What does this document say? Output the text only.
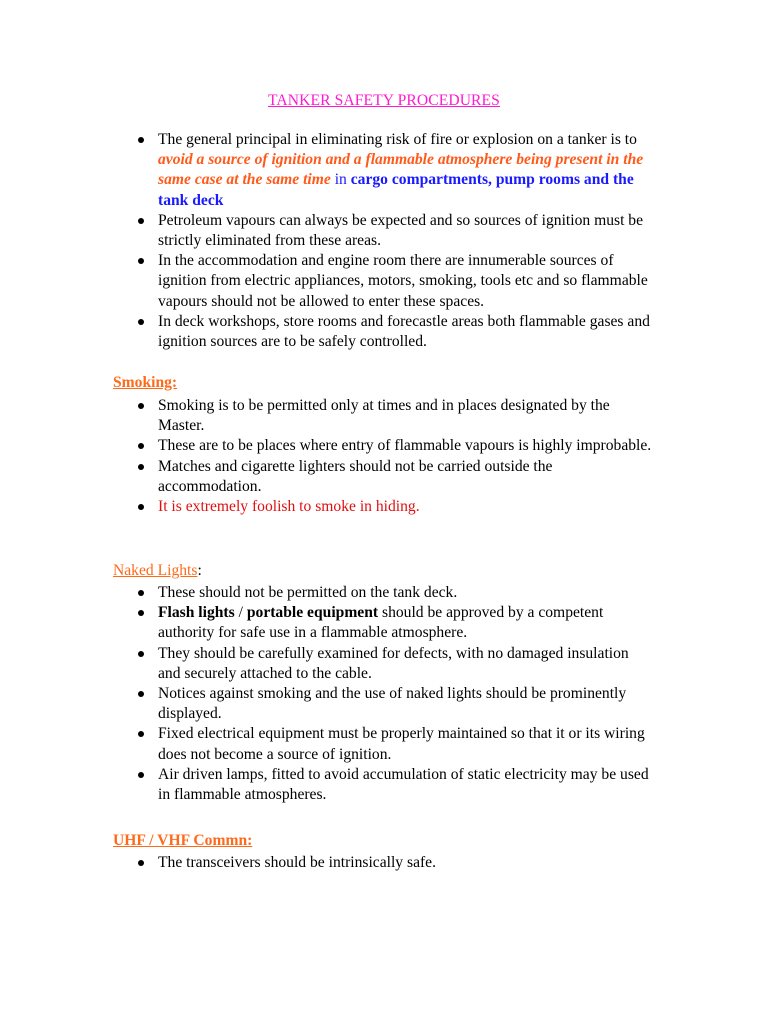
TANKER SAFETY PROCEDURES
The general principal in eliminating risk of fire or explosion on a tanker is to avoid a source of ignition and a flammable atmosphere being present in the same case at the same time in cargo compartments, pump rooms and the tank deck
Petroleum vapours can always be expected and so sources of ignition must be strictly eliminated from these areas.
In the accommodation and engine room there are innumerable sources of ignition from electric appliances, motors, smoking, tools etc and so flammable vapours should not be allowed to enter these spaces.
In deck workshops, store rooms and forecastle areas both flammable gases and ignition sources are to be safely controlled.
Smoking:
Smoking is to be permitted only at times and in places designated by the Master.
These are to be places where entry of flammable vapours is highly improbable.
Matches and cigarette lighters should not be carried outside the accommodation.
It is extremely foolish to smoke in hiding.
Naked Lights:
These should not be permitted on the tank deck.
Flash lights / portable equipment should be approved by a competent authority for safe use in a flammable atmosphere.
They should be carefully examined for defects, with no damaged insulation and securely attached to the cable.
Notices against smoking and the use of naked lights should be prominently displayed.
Fixed electrical equipment must be properly maintained so that it or its wiring does not become a source of ignition.
Air driven lamps, fitted to avoid accumulation of static electricity may be used in flammable atmospheres.
UHF / VHF Commn:
The transceivers should be intrinsically safe.
